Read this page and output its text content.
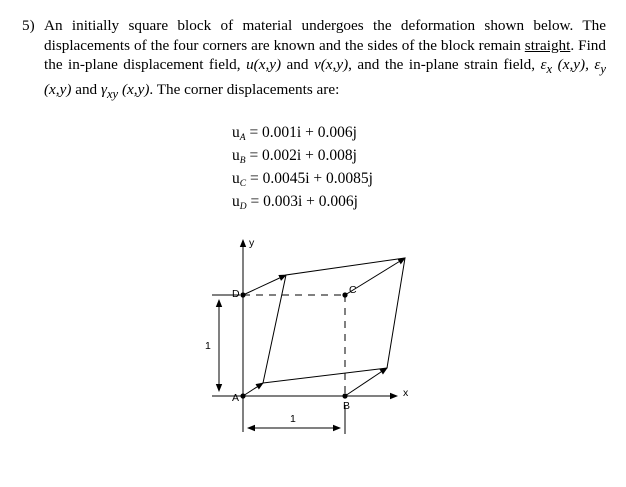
5) An initially square block of material undergoes the deformation shown below. The displacements of the four corners are known and the sides of the block remain straight. Find the in-plane displacement field, u(x,y) and v(x,y), and the in-plane strain field, $\varepsilon_x$ (x,y), $\varepsilon_y$ (x,y) and $\gamma_{xy}$ (x,y). The corner displacements are:
$u_A = 0.001i + 0.006j$
$u_B = 0.002i + 0.008j$
$u_C = 0.0045i + 0.0085j$
$u_D = 0.003i + 0.006j$
y
x
A
B
C
D
1
1
